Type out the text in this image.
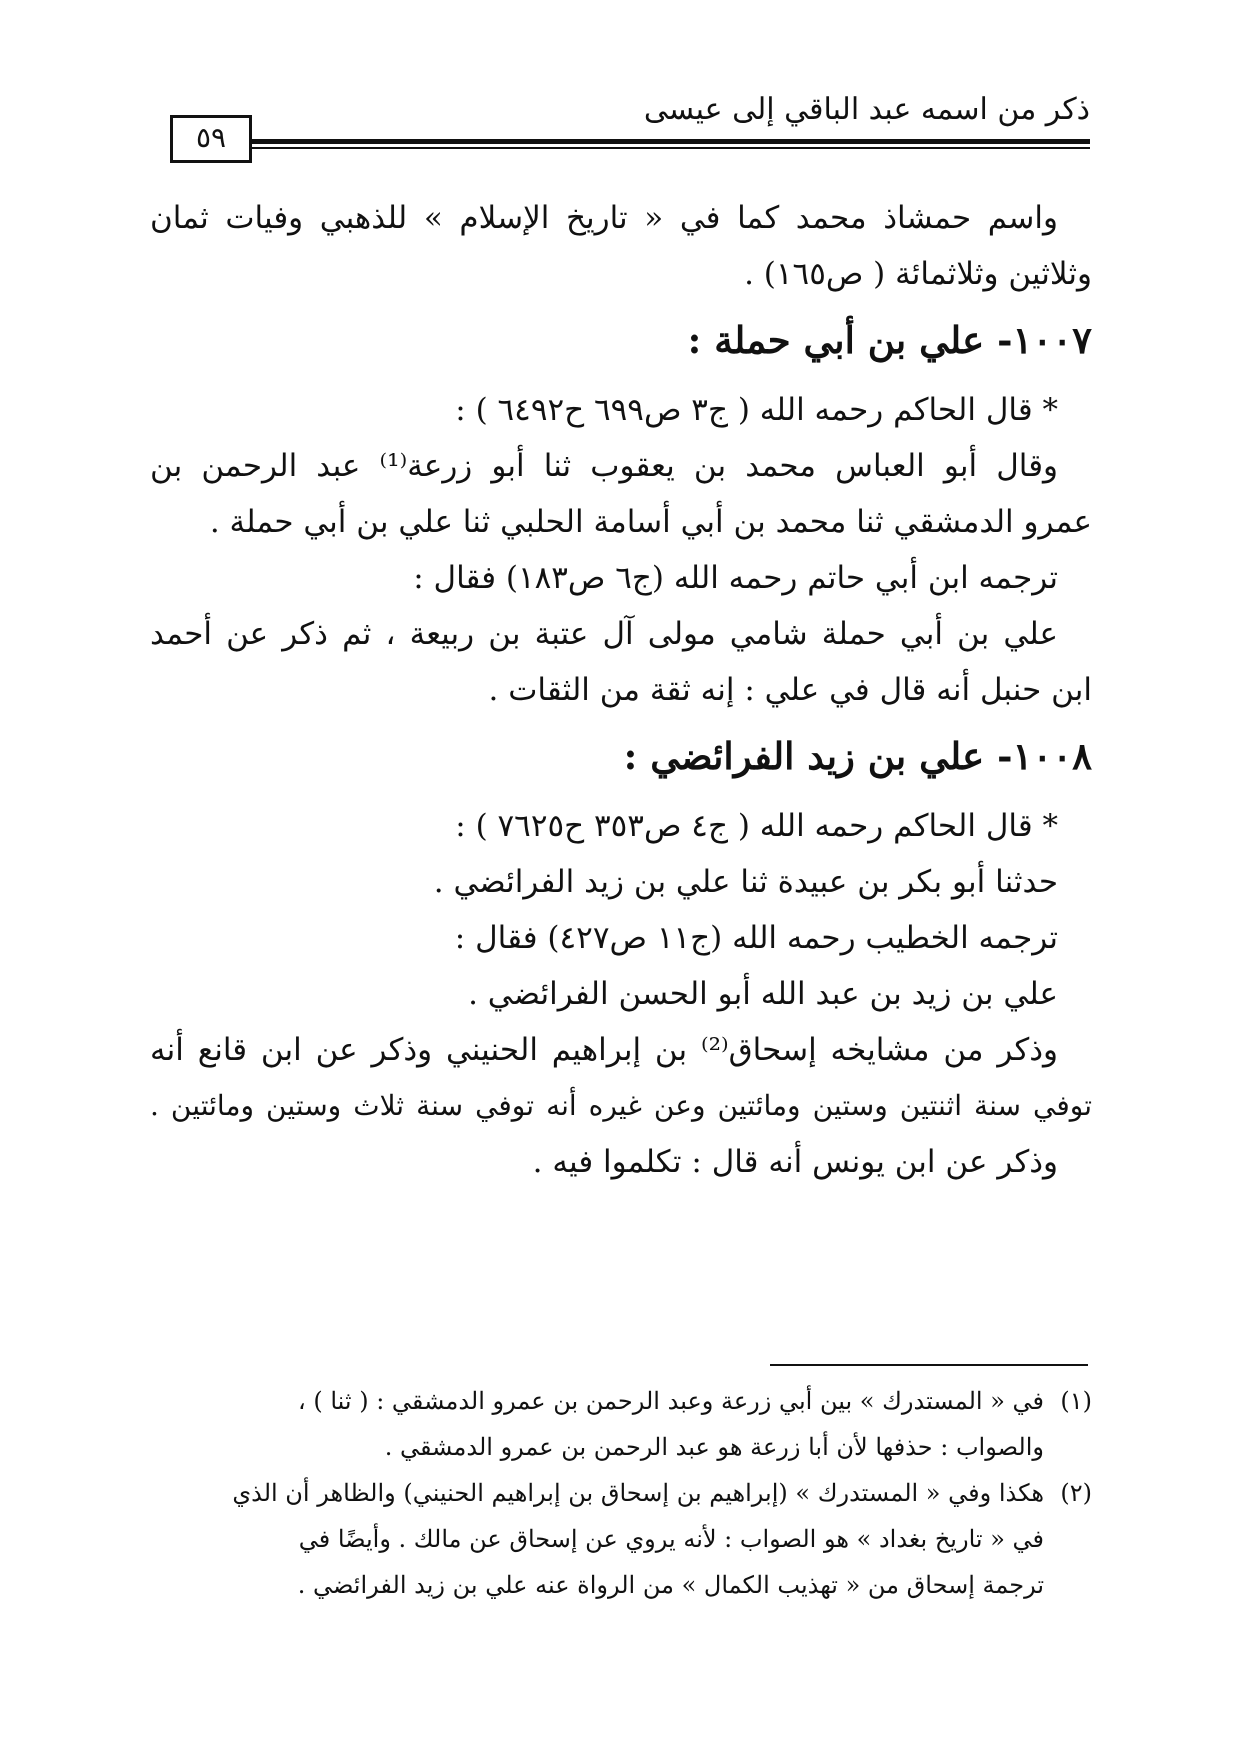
ذكر من اسمه عبد الباقي إلى عيسى
٥٩

واسم حمشاذ محمد كما في « تاريخ الإسلام » للذهبي وفيات ثمان

وثلاثين وثلاثمائة ( ص١٦٥) .

١٠٠٧- علي بن أبي حملة :

* قال الحاكم رحمه الله ( ج٣ ص٦٩٩ ح٦٤٩٢ ) :

وقال أبو العباس محمد بن يعقوب ثنا أبو زرعة⁽¹⁾ عبد الرحمن بن

عمرو الدمشقي ثنا محمد بن أبي أسامة الحلبي ثنا علي بن أبي حملة .

ترجمه ابن أبي حاتم رحمه الله (ج٦ ص١٨٣) فقال :

علي بن أبي حملة شامي مولى آل عتبة بن ربيعة ، ثم ذكر عن أحمد

ابن حنبل أنه قال في علي : إنه ثقة من الثقات .

١٠٠٨- علي بن زيد الفرائضي :

* قال الحاكم رحمه الله ( ج٤ ص٣٥٣ ح٧٦٢٥ ) :

حدثنا أبو بكر بن عبيدة ثنا علي بن زيد الفرائضي .

ترجمه الخطيب رحمه الله (ج١١ ص٤٢٧) فقال :

علي بن زيد بن عبد الله أبو الحسن الفرائضي .

وذكر من مشايخه إسحاق⁽²⁾ بن إبراهيم الحنيني وذكر عن ابن قانع أنه

توفي سنة اثنتين وستين ومائتين وعن غيره أنه توفي سنة ثلاث وستين ومائتين .

وذكر عن ابن يونس أنه قال : تكلموا فيه .

(١)
في « المستدرك » بين أبي زرعة وعبد الرحمن بن عمرو الدمشقي : ( ثنا ) ،
والصواب : حذفها لأن أبا زرعة هو عبد الرحمن بن عمرو الدمشقي .
(٢)
هكذا وفي « المستدرك » (إبراهيم بن إسحاق بن إبراهيم الحنيني) والظاهر أن الذي
في « تاريخ بغداد » هو الصواب : لأنه يروي عن إسحاق عن مالك . وأيضًا في
ترجمة إسحاق من « تهذيب الكمال » من الرواة عنه علي بن زيد الفرائضي .
